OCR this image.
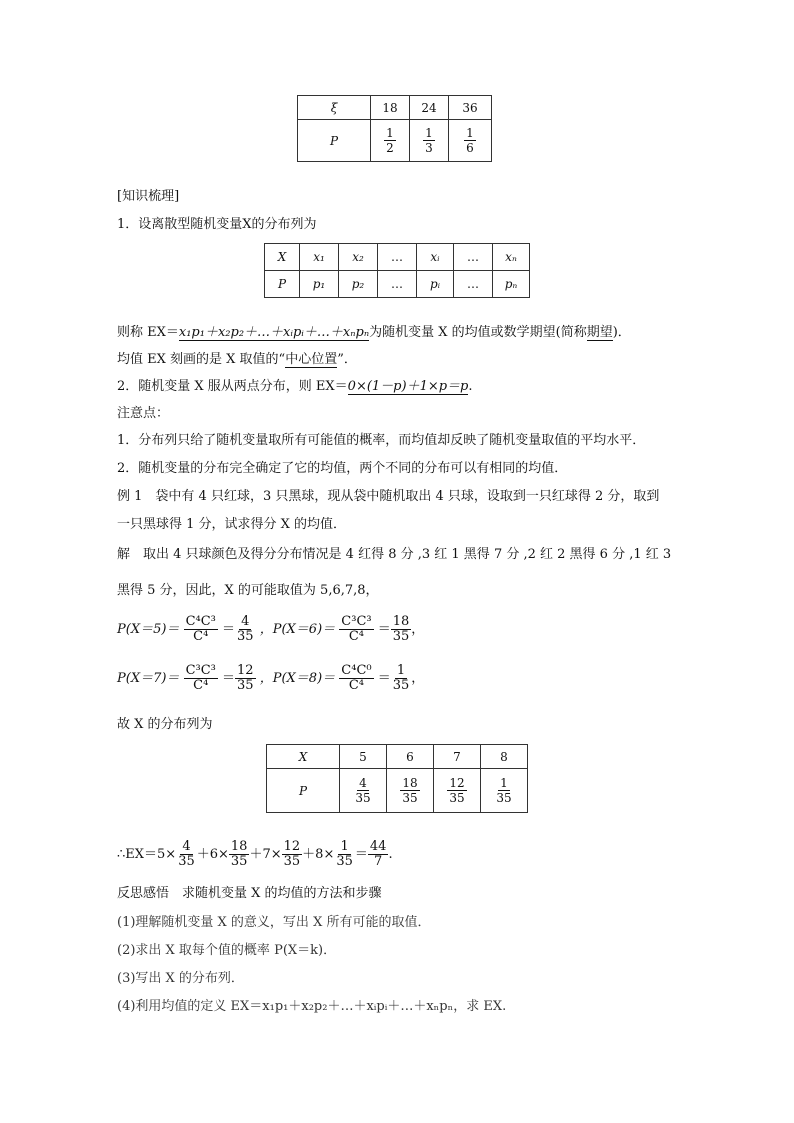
ξ	18	24	36
P	$\frac{1}{2}$	$\frac{1}{3}$	$\frac{1}{6}$
[知识梳理]
1．设离散型随机变量X的分布列为
X	x₁	x₂	…	xᵢ	…	xₙ
P	p₁	p₂	…	pᵢ	…	pₙ
则称 EX＝x₁p₁＋x₂p₂＋…＋xᵢpᵢ＋…＋xₙpₙ为随机变量 X 的均值或数学期望(简称期望)．
均值 EX 刻画的是 X 取值的“中心位置”．
2．随机变量 X 服从两点分布，则 EX＝0×(1－p)＋1×p＝p.
注意点：
1．分布列只给了随机变量取所有可能值的概率，而均值却反映了随机变量取值的平均水平．
2．随机变量的分布完全确定了它的均值，两个不同的分布可以有相同的均值．
例 1　袋中有 4 只红球，3 只黑球，现从袋中随机取出 4 只球，设取到一只红球得 2 分，取到
一只黑球得 1 分，试求得分 X 的均值．
解　取出 4 只球颜色及得分分布情况是 4 红得 8 分 ,3 红 1 黑得 7 分 ,2 红 2 黑得 6 分 ,1 红 3
黑得 5 分，因此，X 的可能取值为 5,6,7,8，
$P(X=5)= \frac{\text{C⁴C³}}{\text{C⁴}} = \frac{4}{35}$ ，$P(X=6)= \frac{\text{C³C³}}{\text{C⁴}} = \frac{18}{35}$ ，
$P(X=7)= \frac{\text{C³C³}}{\text{C⁴}} = \frac{12}{35}$ ，$P(X=8)= \frac{\text{C⁴C⁰}}{\text{C⁴}} = \frac{1}{35}$ ，
故 X 的分布列为
X	5	6	7	8
P	$\frac{4}{35}$	$\frac{18}{35}$	$\frac{12}{35}$	$\frac{1}{35}$
∴EX＝5× $\frac{4}{35} +6\times \frac{18}{35} +7\times \frac{12}{35} +8\times \frac{1}{35} = \frac{44}{7}$ .
反思感悟　求随机变量 X 的均值的方法和步骤
(1)理解随机变量 X 的意义，写出 X 所有可能的取值．
(2)求出 X 取每个值的概率 P(X＝k)．
(3)写出 X 的分布列．
(4)利用均值的定义 EX＝x₁p₁＋x₂p₂＋…＋xᵢpᵢ＋…＋xₙpₙ，求 EX.
